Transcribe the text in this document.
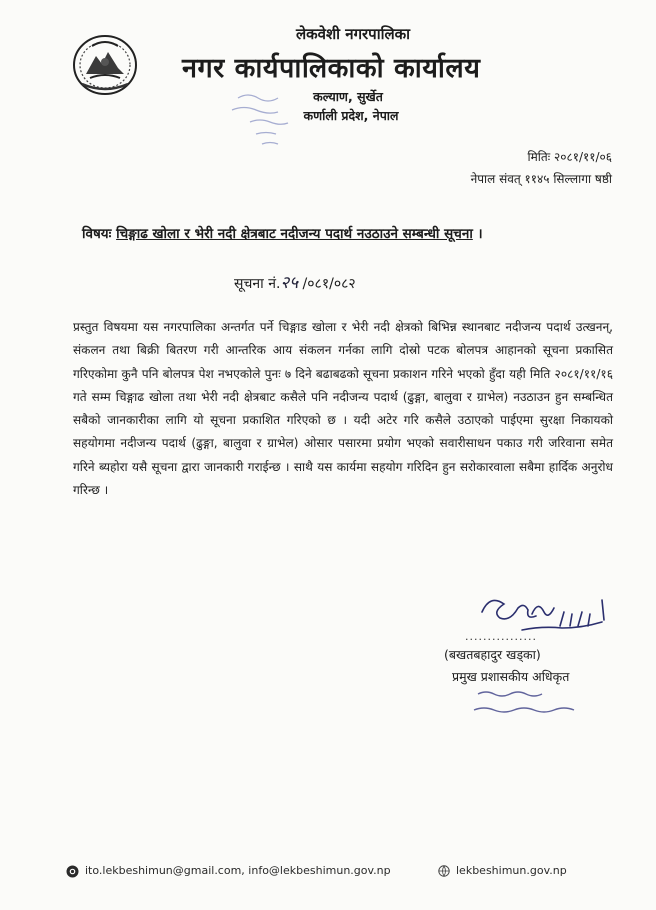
लेकवेशी नगरपालिका
नगर कार्यपालिकाको कार्यालय
कल्याण, सुर्खेत
कर्णाली प्रदेश, नेपाल
मितिः २०८१/११/०६
नेपाल संवत् ११४५ सिल्लागा षष्ठी
विषयः चिङ्गाढ खोला र भेरी नदी क्षेत्रबाट नदीजन्य पदार्थ नउठाउने सम्बन्धी सूचना ।
सूचना नं.२५ /०८१/०८२
प्रस्तुत विषयमा यस नगरपालिका अन्तर्गत पर्ने चिङ्गाड खोला र भेरी नदी क्षेत्रको बिभिन्न स्थानबाट नदीजन्य पदार्थ उत्खनन्, संकलन तथा बिक्री बितरण गरी आन्तरिक आय संकलन गर्नका लागि दोस्रो पटक बोलपत्र आहानको सूचना प्रकासित गरिएकोमा कुनै पनि बोलपत्र पेश नभएकोले पुनः ७ दिने बढाबढको सूचना प्रकाशन गरिने भएको हुँदा यही मिति २०८१/११/१६ गते सम्म चिङ्गाढ खोला तथा भेरी नदी क्षेत्रबाट कसैले पनि नदीजन्य पदार्थ (ढुङ्गा, बालुवा र ग्राभेल) नउठाउन हुन सम्बन्धित सबैको जानकारीका लागि यो सूचना प्रकाशित गरिएको छ । यदी अटेर गरि कसैले उठाएको पाईएमा सुरक्षा निकायको सहयोगमा नदीजन्य पदार्थ (ढुङ्गा, बालुवा र ग्राभेल) ओसार पसारमा प्रयोग भएको सवारीसाधन पकाउ गरी जरिवाना समेत गरिने ब्यहोरा यसै सूचना द्वारा जानकारी गराईन्छ । साथै यस कार्यमा सहयोग गरिदिन हुन सरोकारवाला सबैमा हार्दिक अनुरोध गरिन्छ ।
................
(बखतबहादुर खड्का)
प्रमुख प्रशासकीय अधिकृत
ito.lekbeshimun@gmail.com, info@lekbeshimun.gov.np	lekbeshimun.gov.np
